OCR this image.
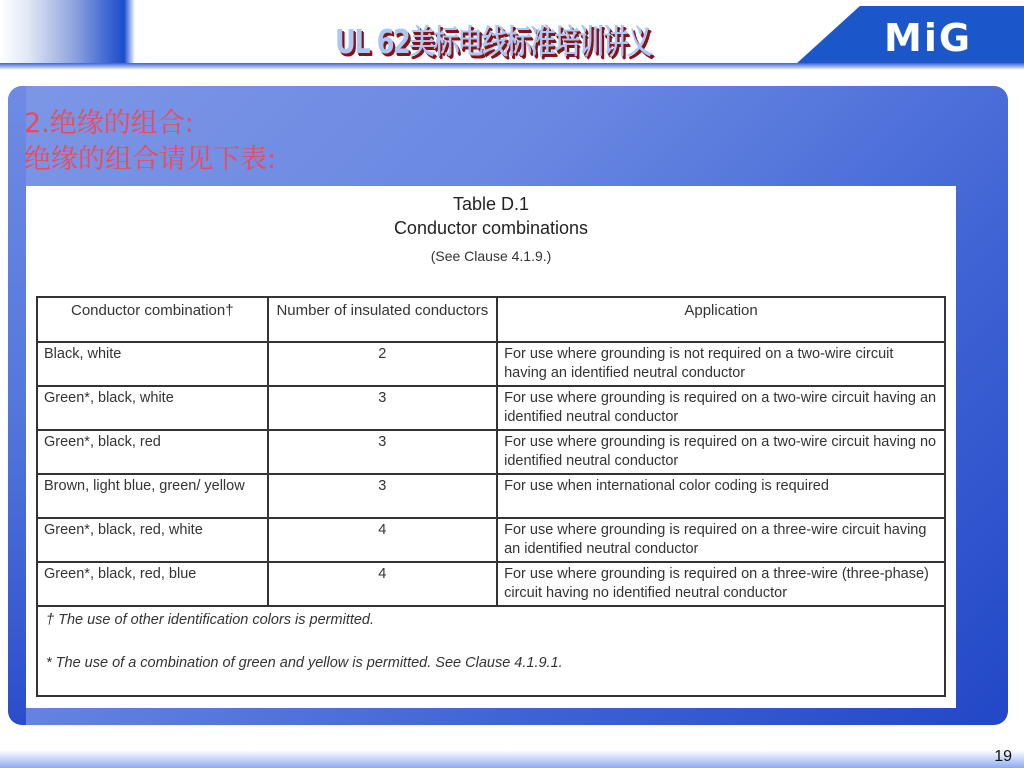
UL 62美标电线标准培训讲义	MiG
2.绝缘的组合:
绝缘的组合请见下表:
Table D.1
Conductor combinations
(See Clause 4.1.9.)
Conductor combination†	Number of insulated conductors	Application
Black, white	2	For use where grounding is not required on a two-wire circuit having an identified neutral conductor
Green*, black, white	3	For use where grounding is required on a two-wire circuit having an identified neutral conductor
Green*, black, red	3	For use where grounding is required on a two-wire circuit having no identified neutral conductor
Brown, light blue, green/ yellow	3	For use when international color coding is required
Green*, black, red, white	4	For use where grounding is required on a three-wire circuit having an identified neutral conductor
Green*, black, red, blue	4	For use where grounding is required on a three-wire (three-phase) circuit having no identified neutral conductor

† The use of other identification colors is permitted.
* The use of a combination of green and yellow is permitted. See Clause 4.1.9.1.		
19
